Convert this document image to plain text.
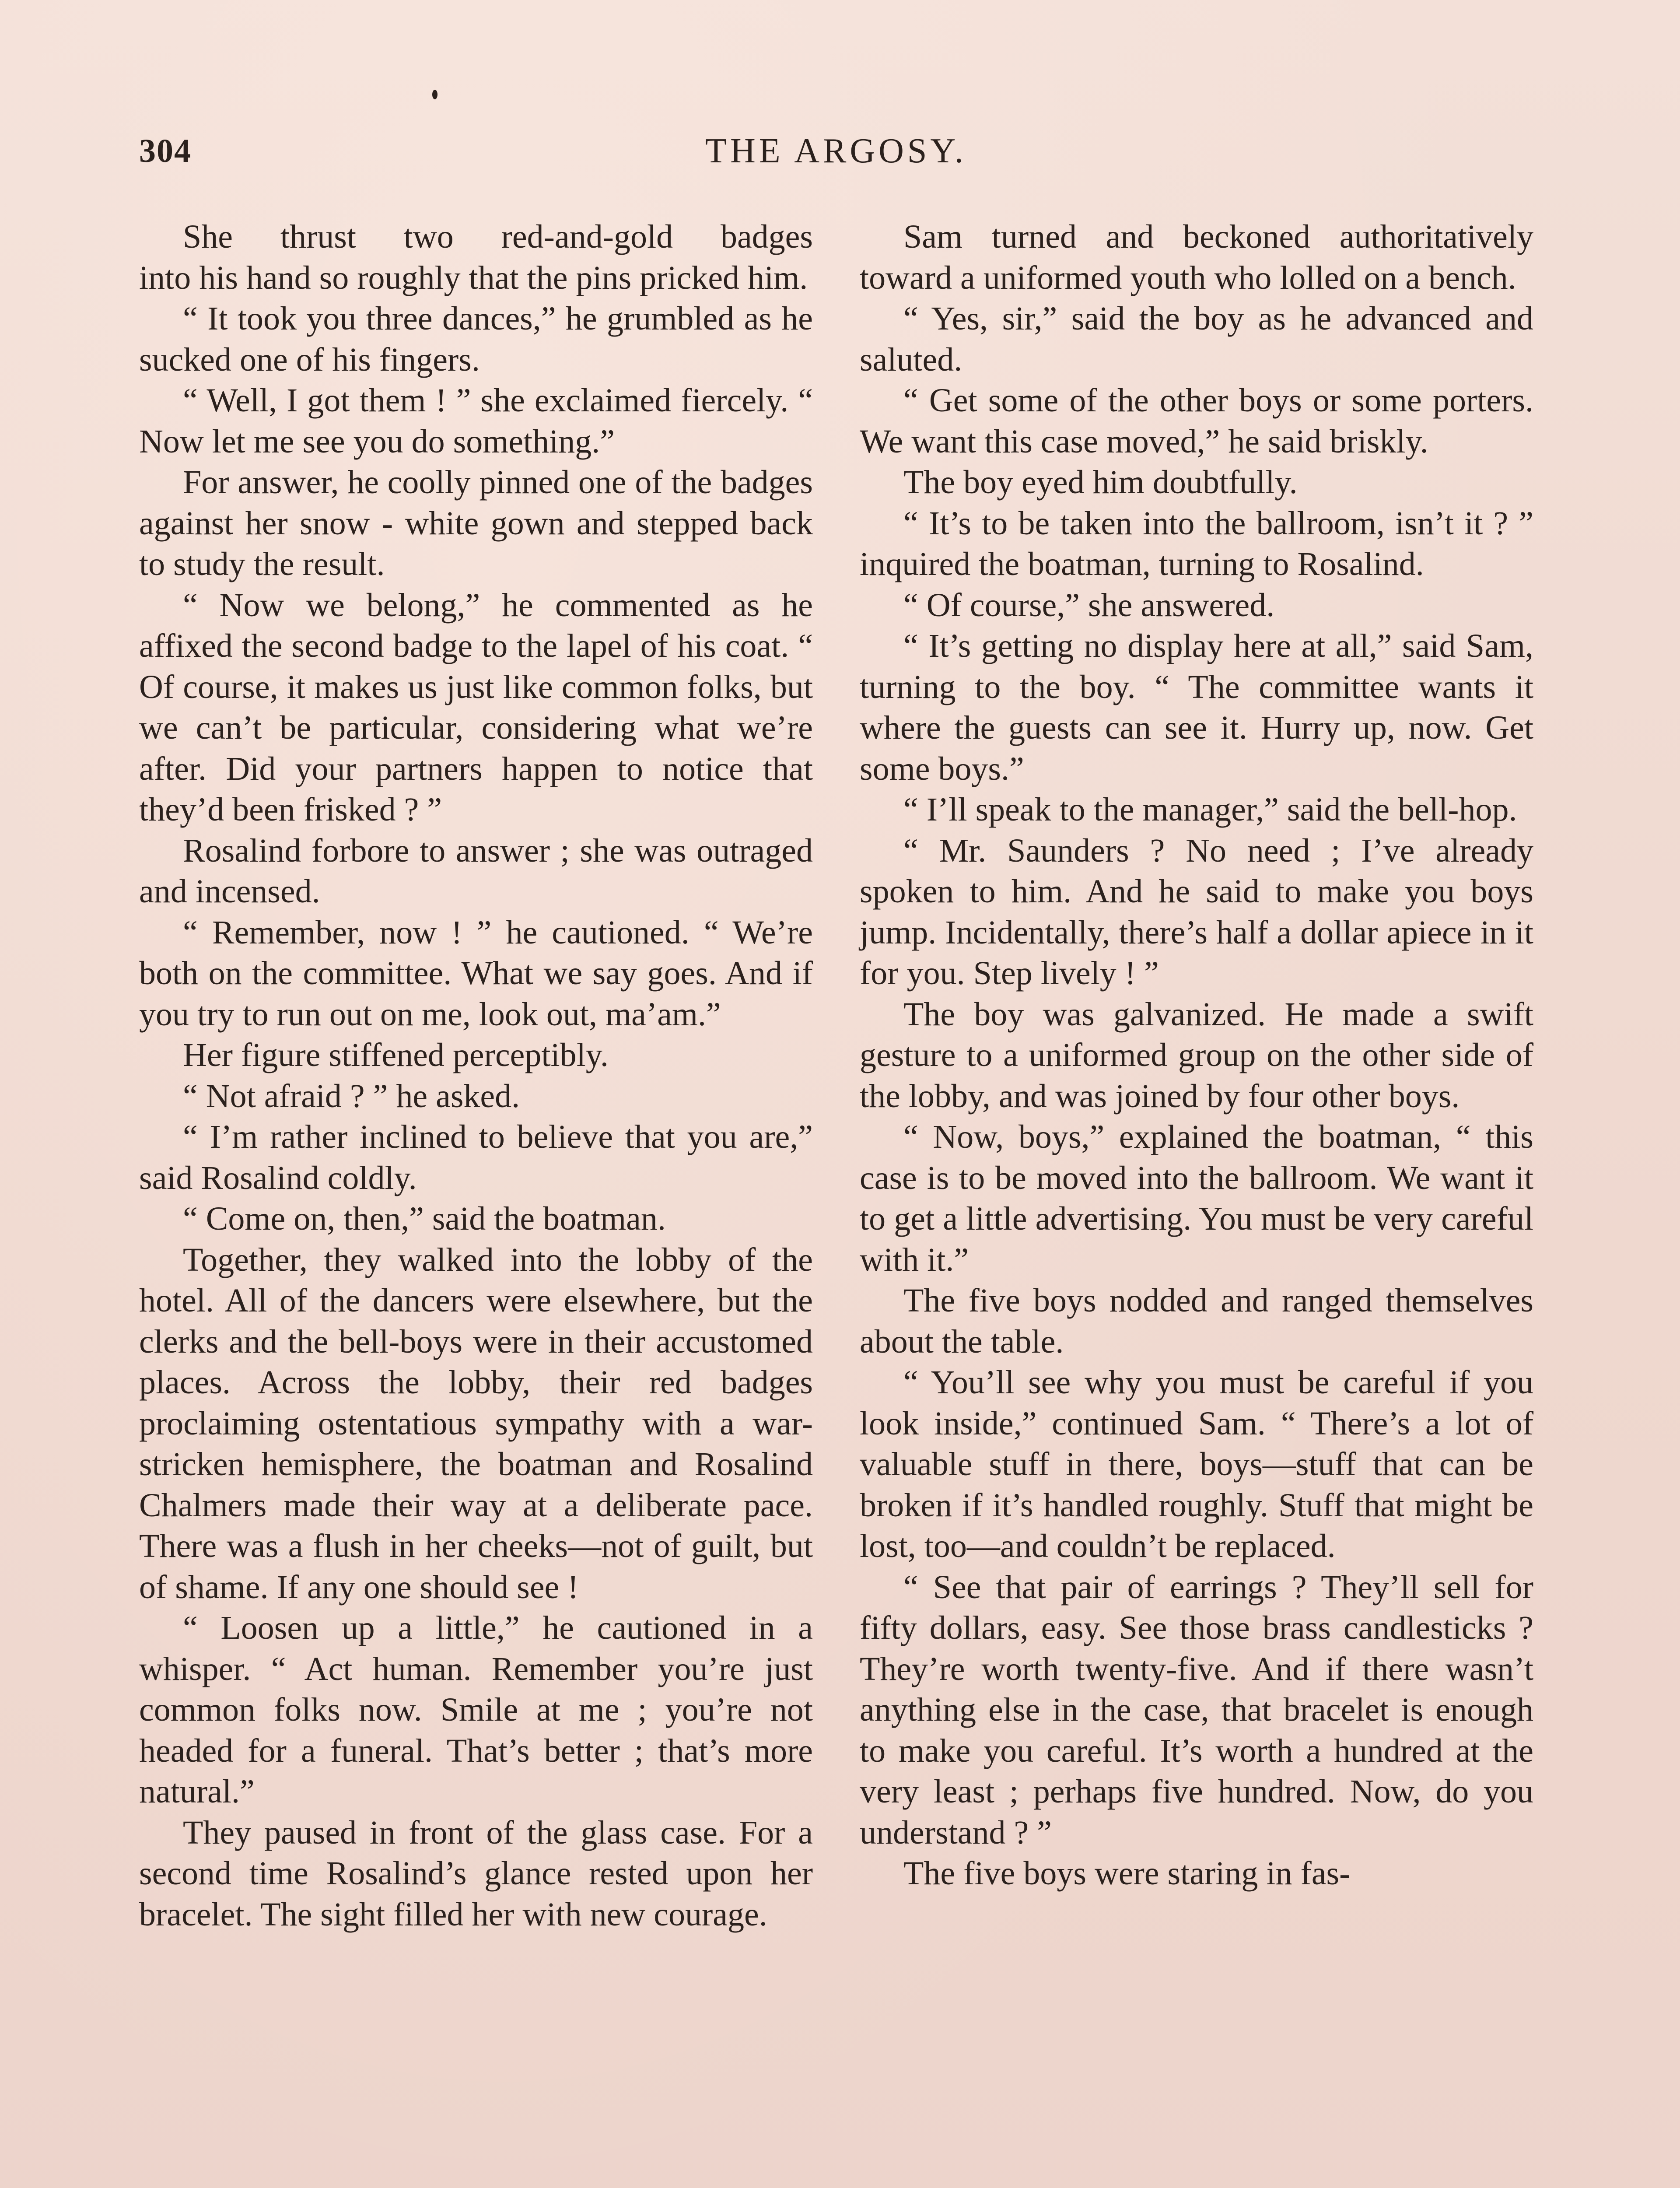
304	THE ARGOSY.

She thrust two red-and-gold badges

into his hand so roughly that the pins pricked him.

“ It took you three dances,” he grumbled as he sucked one of his fingers.

“ Well, I got them ! ” she exclaimed fiercely. “ Now let me see you do something.”

For answer, he coolly pinned one of the badges against her snow - white gown and stepped back to study the result.

“ Now we belong,” he commented as he affixed the second badge to the lapel of his coat. “ Of course, it makes us just like common folks, but we can’t be particular, considering what we’re after. Did your partners happen to notice that they’d been frisked ? ”

Rosalind forbore to answer ; she was outraged and incensed.

“ Remember, now ! ” he cautioned. “ We’re both on the committee. What we say goes. And if you try to run out on me, look out, ma’am.”

Her figure stiffened perceptibly.

“ Not afraid ? ” he asked.

“ I’m rather inclined to believe that you are,” said Rosalind coldly.

“ Come on, then,” said the boatman.

Together, they walked into the lobby of the hotel. All of the dancers were elsewhere, but the clerks and the bell-boys were in their accustomed places. Across the lobby, their red badges proclaiming ostentatious sympathy with a war-stricken hemisphere, the boatman and Rosalind Chalmers made their way at a deliberate pace. There was a flush in her cheeks—not of guilt, but of shame. If any one should see !

“ Loosen up a little,” he cautioned in a whisper. “ Act human. Remember you’re just common folks now. Smile at me ; you’re not headed for a funeral. That’s better ; that’s more natural.”

They paused in front of the glass case. For a second time Rosalind’s glance rested upon her bracelet. The sight filled her with new courage.

Sam turned and beckoned authoritatively toward a uniformed youth who lolled on a bench.

“ Yes, sir,” said the boy as he advanced and saluted.

“ Get some of the other boys or some porters. We want this case moved,” he said briskly.

The boy eyed him doubtfully.

“ It’s to be taken into the ballroom, isn’t it ? ” inquired the boatman, turning to Rosalind.

“ Of course,” she answered.

“ It’s getting no display here at all,” said Sam, turning to the boy. “ The committee wants it where the guests can see it. Hurry up, now. Get some boys.”

“ I’ll speak to the manager,” said the bell-hop.

“ Mr. Saunders ? No need ; I’ve already spoken to him. And he said to make you boys jump. Incidentally, there’s half a dollar apiece in it for you. Step lively ! ”

The boy was galvanized. He made a swift gesture to a uniformed group on the other side of the lobby, and was joined by four other boys.

“ Now, boys,” explained the boatman, “ this case is to be moved into the ballroom. We want it to get a little advertising. You must be very careful with it.”

The five boys nodded and ranged themselves about the table.

“ You’ll see why you must be careful if you look inside,” continued Sam. “ There’s a lot of valuable stuff in there, boys—stuff that can be broken if it’s handled roughly. Stuff that might be lost, too—and couldn’t be replaced.

“ See that pair of earrings ? They’ll sell for fifty dollars, easy. See those brass candlesticks ? They’re worth twenty-five. And if there wasn’t anything else in the case, that bracelet is enough to make you careful. It’s worth a hundred at the very least ; perhaps five hundred. Now, do you understand ? ”

The five boys were staring in fas-
